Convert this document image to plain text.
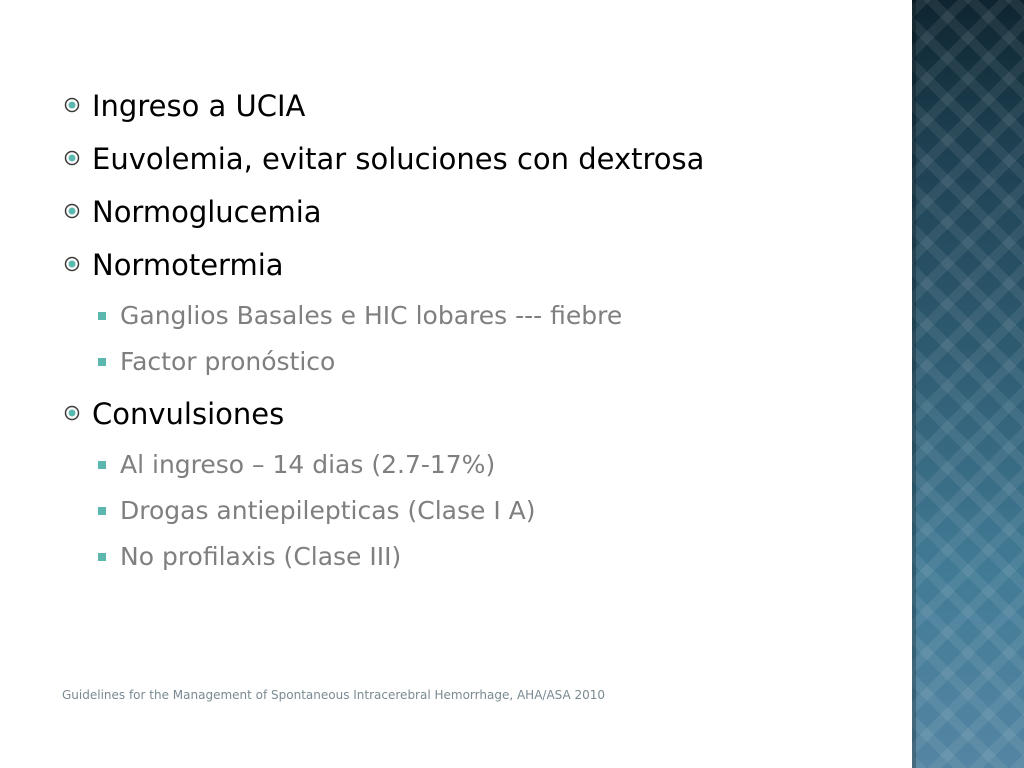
Ingreso a UCIA
Euvolemia, evitar soluciones con dextrosa
Normoglucemia
Normotermia
Ganglios Basales e HIC lobares --- fiebre
Factor pronóstico
Convulsiones
Al ingreso – 14 dias (2.7-17%)
Drogas antiepilepticas (Clase I A)
No profilaxis (Clase III)
Guidelines for the Management of Spontaneous Intracerebral Hemorrhage, AHA/ASA 2010
